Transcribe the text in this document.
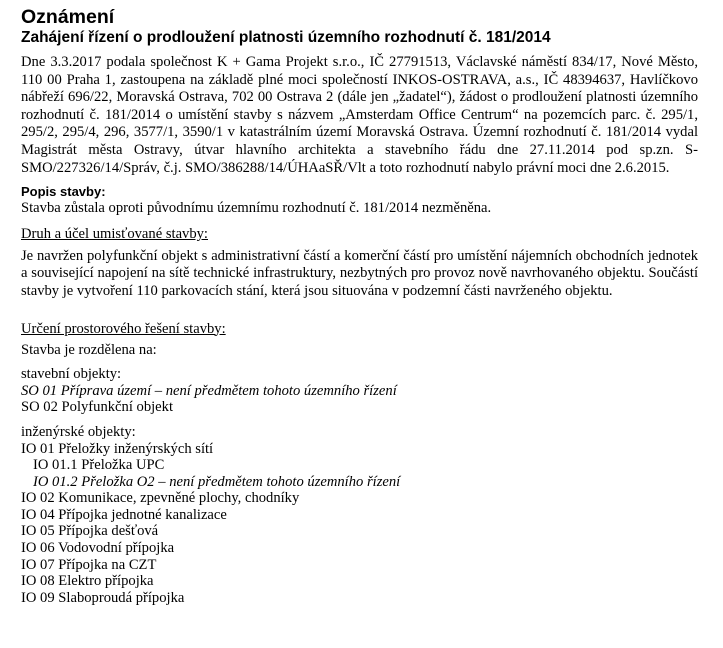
Oznámení
Zahájení řízení o prodloužení platnosti územního rozhodnutí č. 181/2014

Dne 3.3.2017 podala společnost K + Gama Projekt s.r.o., IČ 27791513, Václavské náměstí 834/17, Nové Město, 110 00 Praha 1, zastoupena na základě plné moci společností INKOS-OSTRAVA, a.s., IČ 48394637, Havlíčkovo nábřeží 696/22, Moravská Ostrava, 702 00 Ostrava 2 (dále jen „žadatel“), žádost o prodloužení platnosti územního rozhodnutí č. 181/2014 o umístění stavby s názvem „Amsterdam Office Centrum“ na pozemcích parc. č. 295/1, 295/2, 295/4, 296, 3577/1, 3590/1 v katastrálním území Moravská Ostrava. Územní rozhodnutí č. 181/2014 vydal Magistrát města Ostravy, útvar hlavního architekta a stavebního řádu dne 27.11.2014 pod sp.zn. S-SMO/227326/14/Správ, č.j. SMO/386288/14/ÚHAaSŘ/Vlt a toto rozhodnutí nabylo právní moci dne 2.6.2015.

Popis stavby:

Stavba zůstala oproti původnímu územnímu rozhodnutí č. 181/2014 nezměněna.

Druh a účel umisťované stavby:

Je navržen polyfunkční objekt s administrativní částí a komerční částí pro umístění nájemních obchodních jednotek a související napojení na sítě technické infrastruktury, nezbytných pro provoz nově navrhovaného objektu. Součástí stavby je vytvoření 110 parkovacích stání, která jsou situována v podzemní části navrženého objektu.

Určení prostorového řešení stavby:
Stavba je rozdělena na:
stavební objekty:
SO 01 Příprava území – není předmětem tohoto územního řízení
SO 02 Polyfunkční objekt
inženýrské objekty:
IO 01 Přeložky inženýrských sítí
IO 01.1 Přeložka UPC
IO 01.2 Přeložka O2 – není předmětem tohoto územního řízení
IO 02 Komunikace, zpevněné plochy, chodníky
IO 04 Přípojka jednotné kanalizace
IO 05 Přípojka dešťová
IO 06 Vodovodní přípojka
IO 07 Přípojka na CZT
IO 08 Elektro přípojka
IO 09 Slaboproudá přípojka
